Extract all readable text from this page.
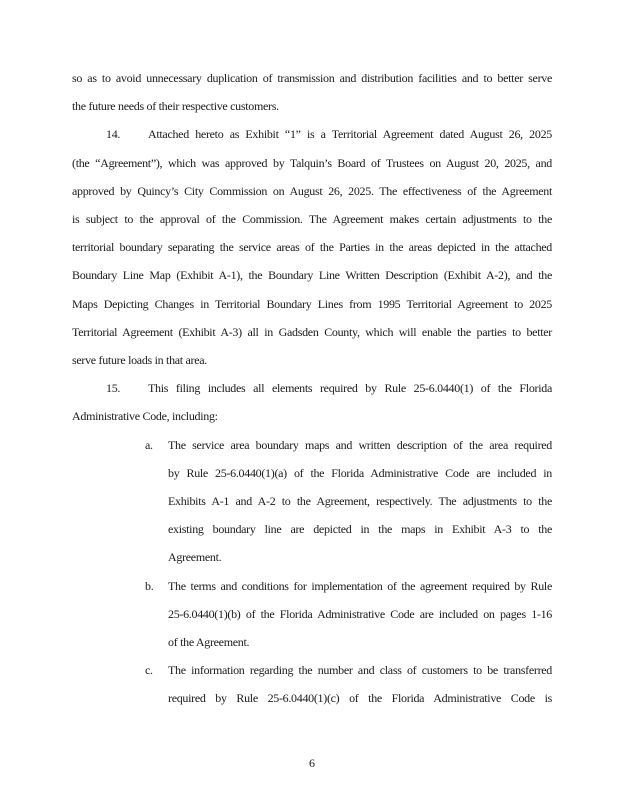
so as to avoid unnecessary duplication of transmission and distribution facilities and to better serve
the future needs of their respective customers.
14. Attached hereto as Exhibit “1” is a Territorial Agreement dated August 26, 2025
(the “Agreement”), which was approved by Talquin’s Board of Trustees on August 20, 2025, and
approved by Quincy’s City Commission on August 26, 2025. The effectiveness of the Agreement
is subject to the approval of the Commission. The Agreement makes certain adjustments to the
territorial boundary separating the service areas of the Parties in the areas depicted in the attached
Boundary Line Map (Exhibit A-1), the Boundary Line Written Description (Exhibit A-2), and the
Maps Depicting Changes in Territorial Boundary Lines from 1995 Territorial Agreement to 2025
Territorial Agreement (Exhibit A-3) all in Gadsden County, which will enable the parties to better
serve future loads in that area.
15. This filing includes all elements required by Rule 25-6.0440(1) of the Florida
Administrative Code, including:
a. The service area boundary maps and written description of the area required
by Rule 25-6.0440(1)(a) of the Florida Administrative Code are included in
Exhibits A-1 and A-2 to the Agreement, respectively. The adjustments to the
existing boundary line are depicted in the maps in Exhibit A-3 to the
Agreement.
b. The terms and conditions for implementation of the agreement required by Rule
25-6.0440(1)(b) of the Florida Administrative Code are included on pages 1-16
of the Agreement.
c. The information regarding the number and class of customers to be transferred
required by Rule 25-6.0440(1)(c) of the Florida Administrative Code is
6
